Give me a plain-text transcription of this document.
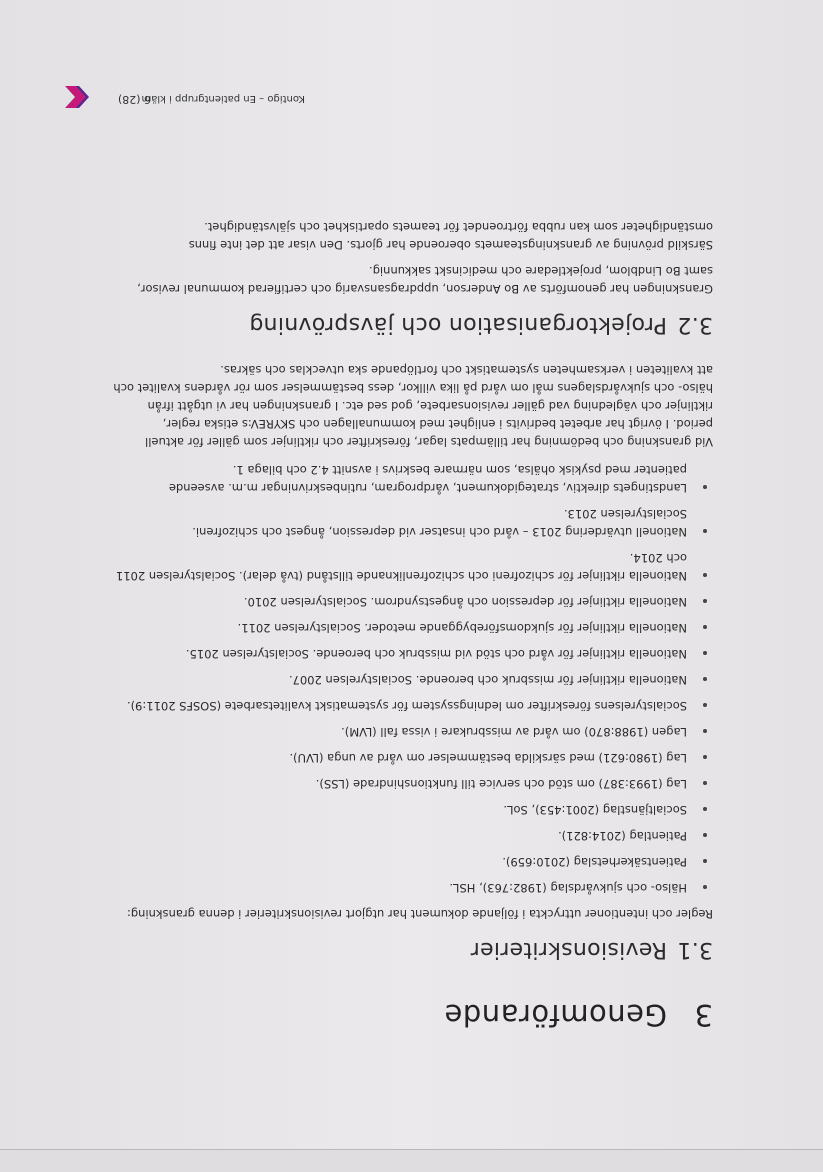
3Genomförande
3.1Revisionskriterier

Regler och intentioner uttryckta i följande dokument har utgjort revisionskriterier i denna granskning:

• Hälso- och sjukvårdslag (1982:763), HSL.
• Patientsäkerhetslag (2010:659).
• Patientlag (2014:821).
• Socialtjänstlag (2001:453), SoL.
• Lag (1993:387) om stöd och service till funktionshindrade (LSS).
• Lag (1980:621) med särskilda bestämmelser om vård av unga (LVU).
• Lagen (1988:870) om vård av missbrukare i vissa fall (LVM).
• Socialstyrelsens föreskrifter om ledningssystem för systematiskt kvalitetsarbete (SOSFS 2011:9).
• Nationella riktlinjer för missbruk och beroende. Socialstyrelsen 2007.
• Nationella riktlinjer för vård och stöd vid missbruk och beroende. Socialstyrelsen 2015.
• Nationella riktlinjer för sjukdomsförebyggande metoder. Socialstyrelsen 2011.
• Nationella riktlinjer för depression och ångestsyndrom. Socialstyrelsen 2010.
• Nationella riktlinjer för schizofreni och schizofrenliknande tillstånd (två delar). Socialstyrelsen 2011 och 2014.
• Nationell utvärdering 2013 – vård och insatser vid depression, ångest och schizofreni. Socialstyrelsen 2013.
• Landstingets direktiv, strategidokument, vårdprogram, rutinbeskrivningar m.m. avseende patienter med psykisk ohälsa, som närmare beskrivs i avsnitt 4.2 och bilaga 1.

Vid granskning och bedömning har tillämpats lagar, föreskrifter och riktlinjer som gäller för aktuell period. I övrigt har arbetet bedrivits i enlighet med kommunallagen och SKYREV:s etiska regler, riktlinjer och vägledning vad gäller revisionsarbete, god sed etc. I granskningen har vi utgått ifrån hälso- och sjukvårdslagens mål om vård på lika villkor, dess bestämmelser som rör vårdens kvalitet och att kvaliteten i verksamheten systematiskt och fortlöpande ska utvecklas och säkras.

3.2Projektorganisation och jävsprövning

Granskningen har genomförts av Bo Anderson, uppdragsansvarig och certifierad kommunal revisor, samt Bo Lindblom, projektledare och medicinskt sakkunnig.

Särskild prövning av granskningsteamets oberoende har gjorts. Den visar att det inte finns omständigheter som kan rubba förtroendet för teamets opartiskhet och självständighet.

Kontigo – En patientgrupp i kläm
6 (28)
